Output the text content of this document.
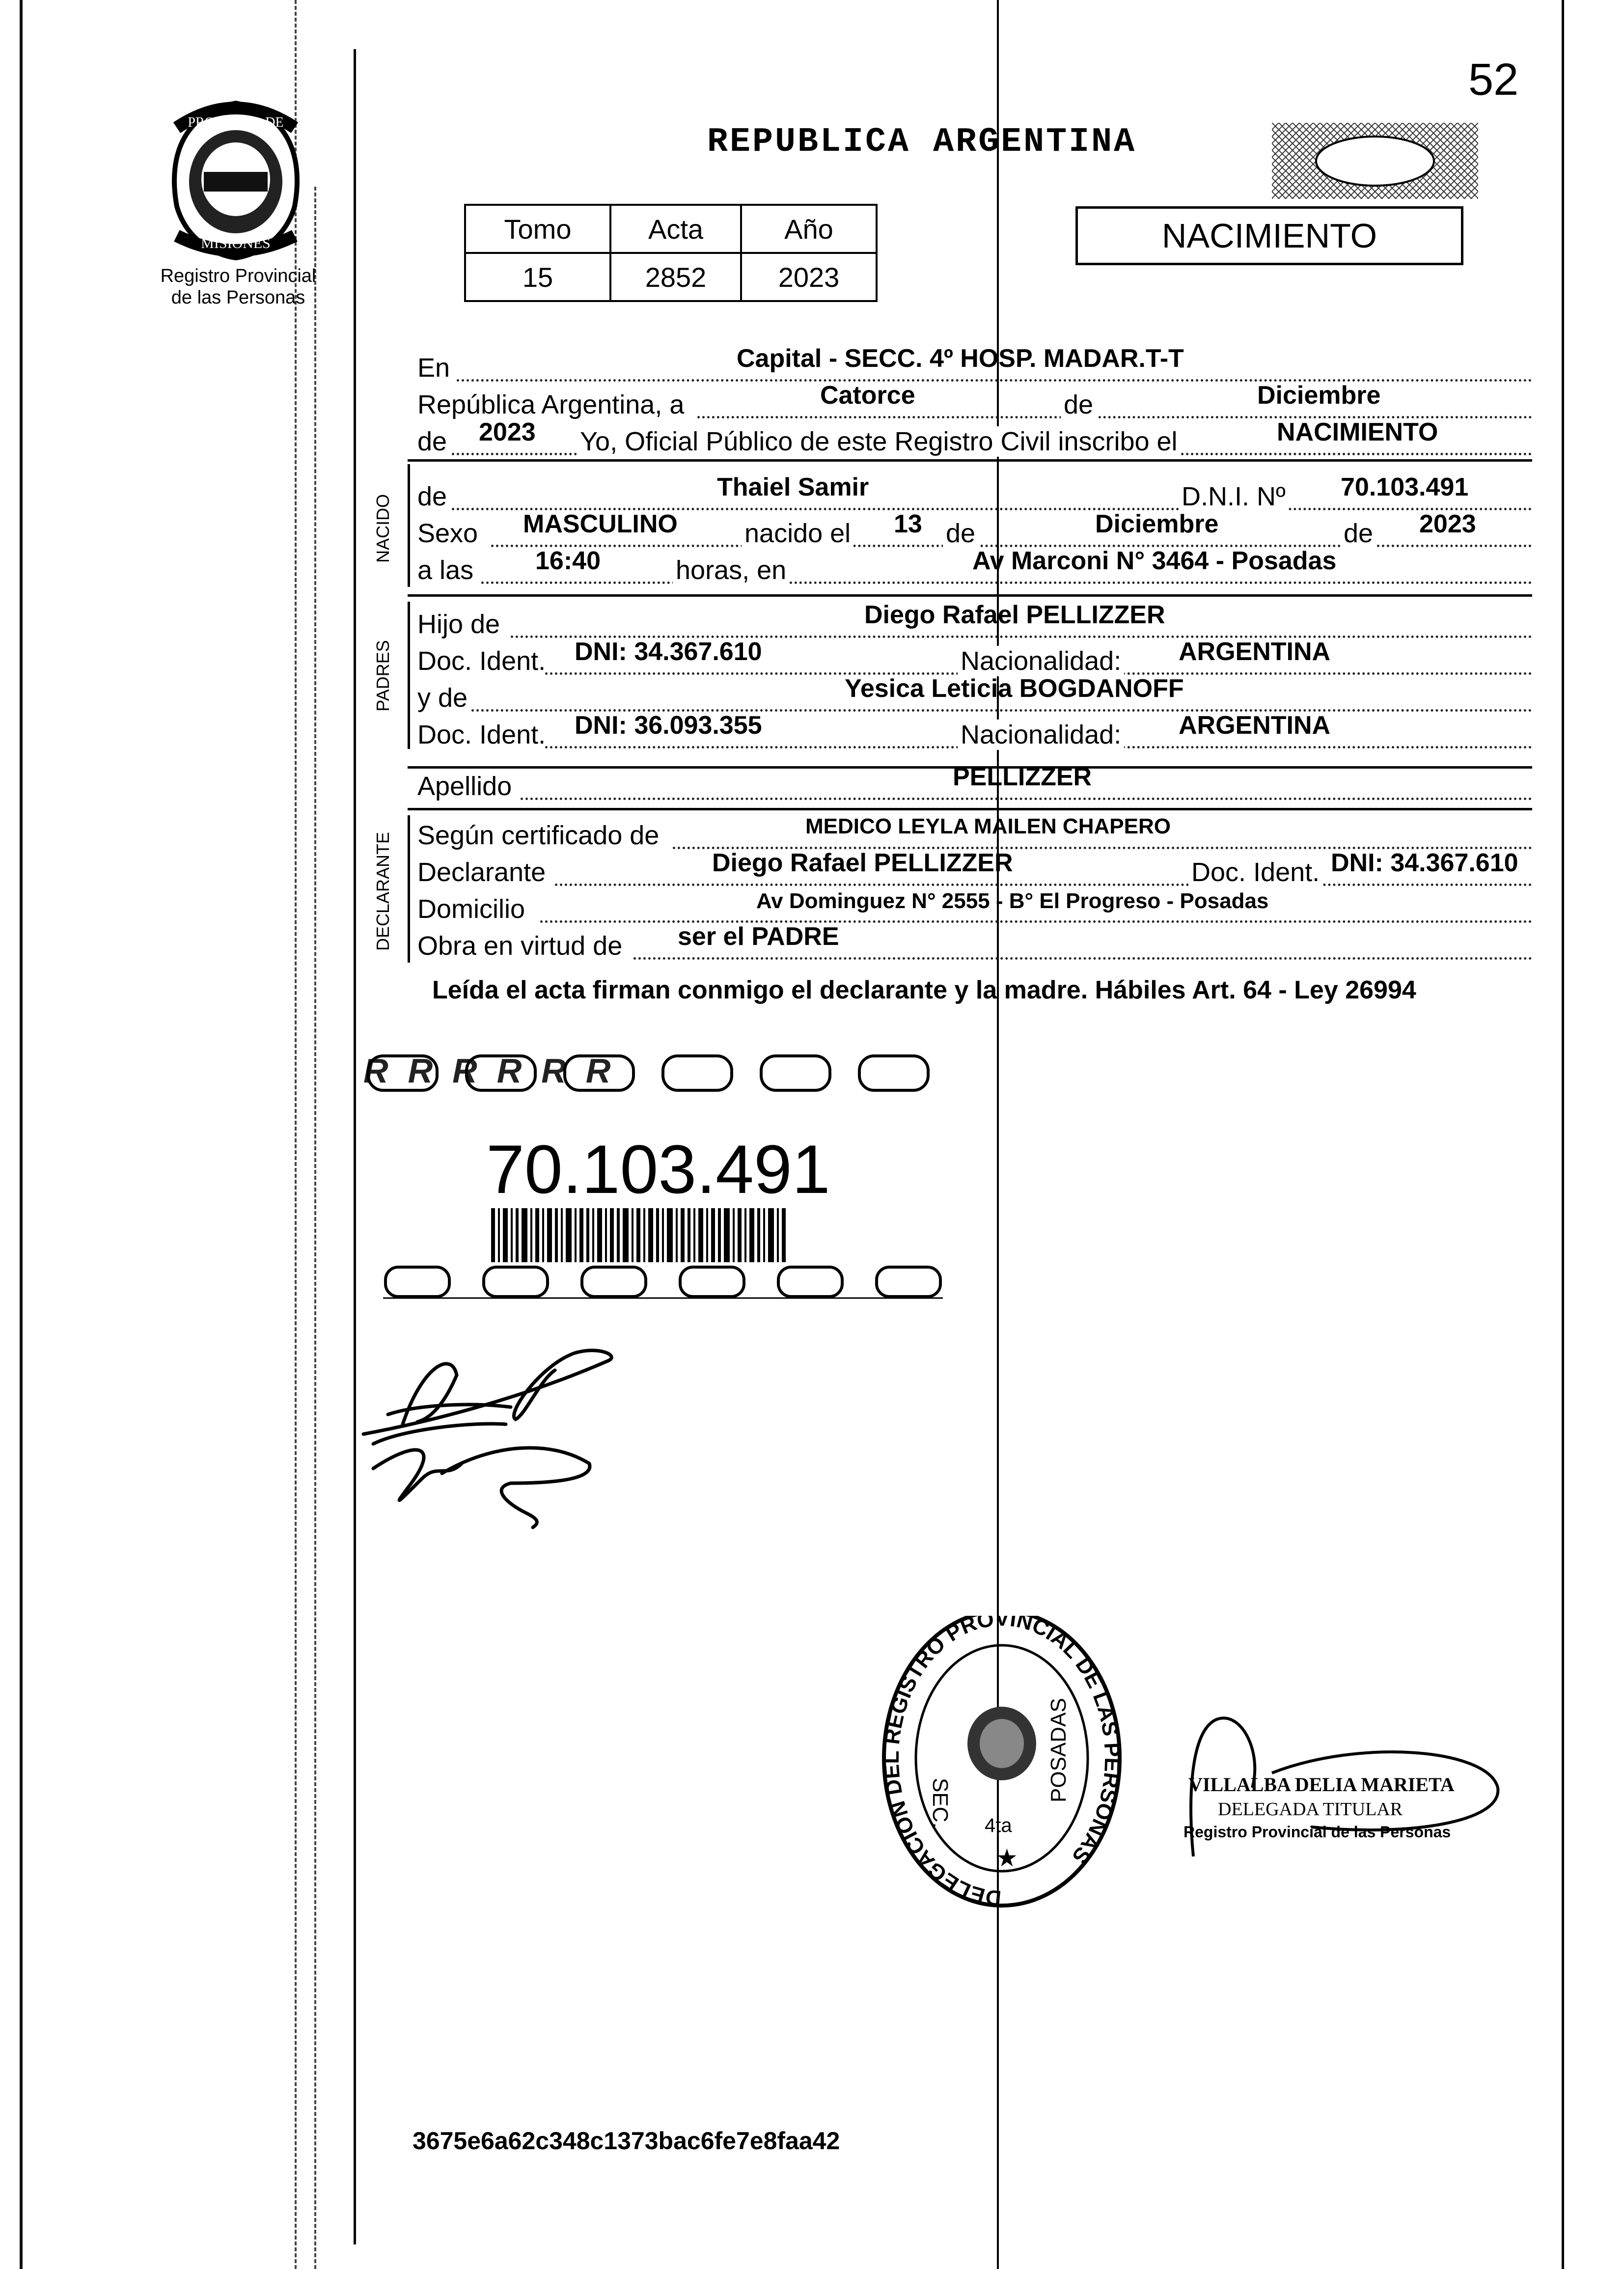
52
PROVINCIA DE
MISIONES
Registro Provincial
de las Personas
REPUBLICA ARGENTINA
Tomo	Acta	Año
15	2852	2023
NACIMIENTO
NACIDO
PADRES
DECLARANTE
En	Capital - SECC. 4º HOSP. MADAR.T-T
República Argentina, a	Catorce	de	Diciembre
de 2023 Yo, Oficial Público de este Registro Civil inscribo el	NACIMIENTO
de	Thaiel Samir	D.N.I. Nº 70.103.491
Sexo MASCULINO	nacido el 13 de	Diciembre	de 2023
a las 16:40	horas, en	Av Marconi N° 3464 - Posadas
Hijo de	Diego Rafael PELLIZZER
Doc. Ident. DNI: 34.367.610	Nacionalidad: ARGENTINA
y de	Yesica Leticia BOGDANOFF
Doc. Ident. DNI: 36.093.355	Nacionalidad: ARGENTINA
Apellido	PELLIZZER
Según certificado de	MEDICO LEYLA MAILEN CHAPERO
Declarante	Diego Rafael PELLIZZER	Doc. Ident. DNI: 34.367.610
Domicilio	Av Dominguez N° 2555 - B° El Progreso - Posadas
Obra en virtud de ser el PADRE
Leída el acta firman conmigo el declarante y la madre. Hábiles Art. 64 - Ley 26994
RRRRRR
70.103.491
DELEGACION DEL REGISTRO PROVINCIAL DE LAS PERSONAS
SEC.
POSADAS
4ta
★
VILLALBA DELIA MARIETA
DELEGADA TITULAR
Registro Provincial de las Personas
3675e6a62c348c1373bac6fe7e8faa42
